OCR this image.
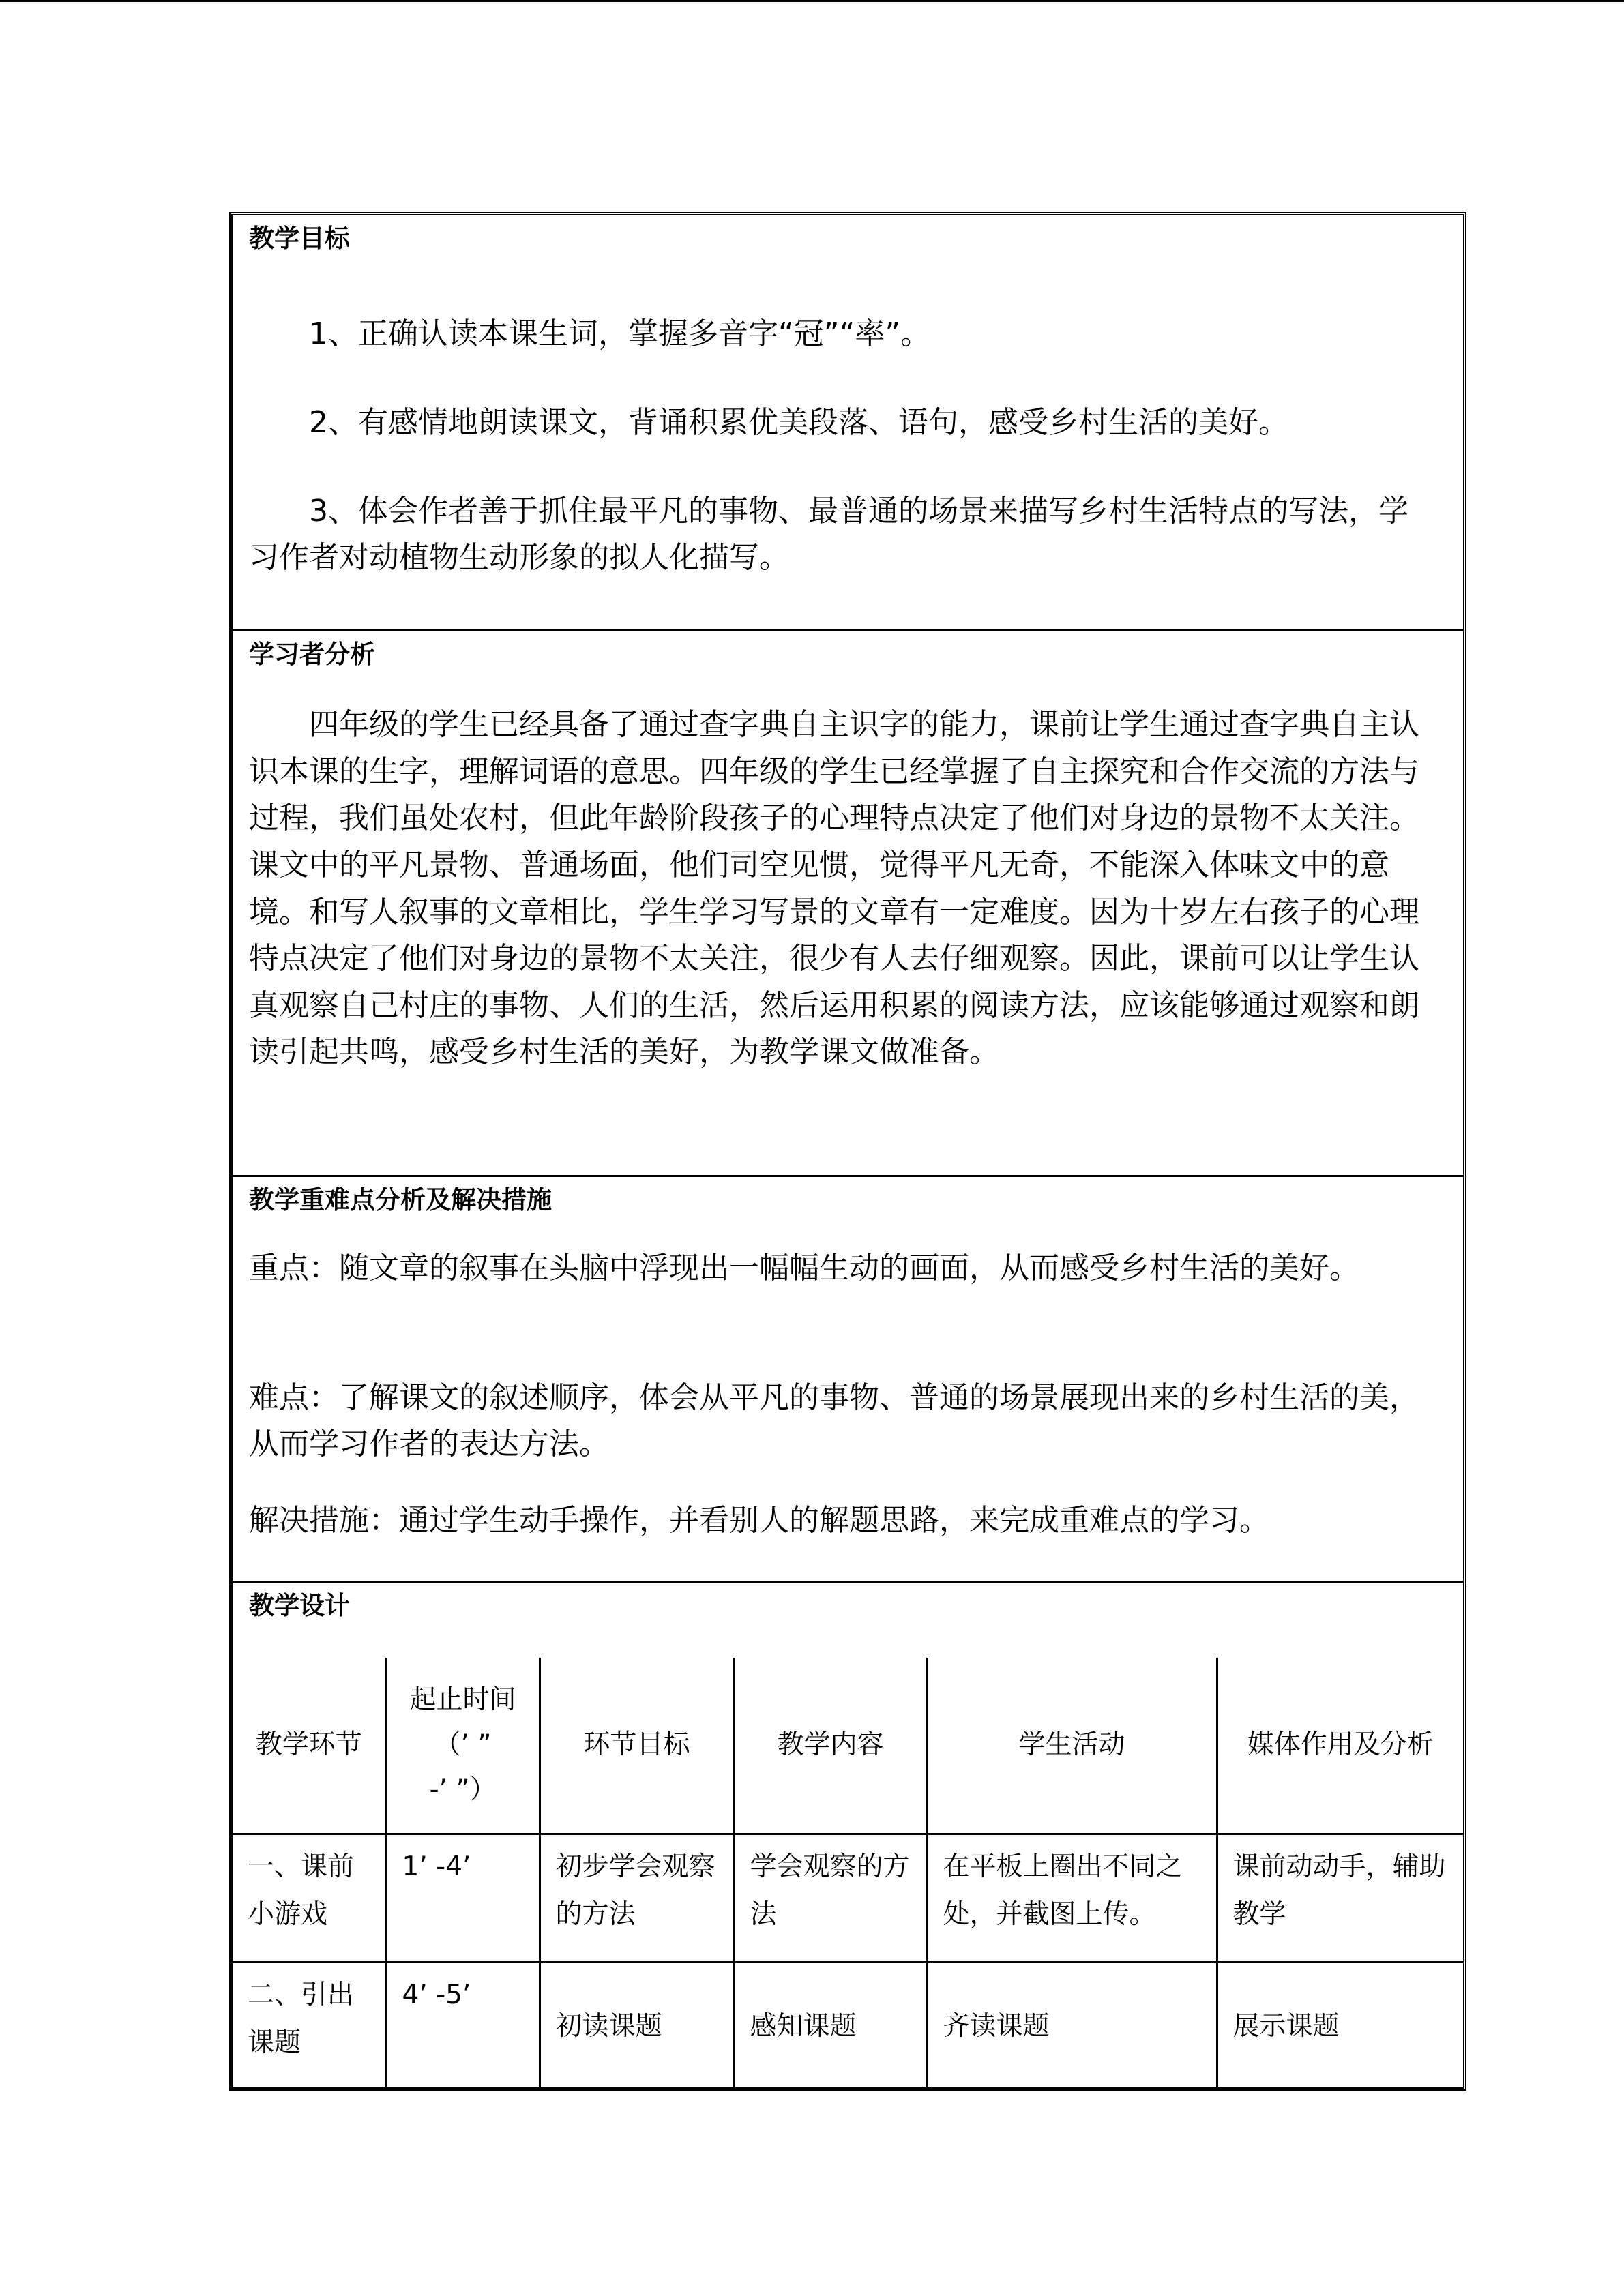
教学目标

1、正确认读本课生词，掌握多音字“冠”“率”。

2、有感情地朗读课文，背诵积累优美段落、语句，感受乡村生活的美好。

3、体会作者善于抓住最平凡的事物、最普通的场景来描写乡村生活特点的写法，学习作者对动植物生动形象的拟人化描写。

学习者分析

四年级的学生已经具备了通过查字典自主识字的能力，课前让学生通过查字典自主认识本课的生字，理解词语的意思。四年级的学生已经掌握了自主探究和合作交流的方法与过程，我们虽处农村，但此年龄阶段孩子的心理特点决定了他们对身边的景物不太关注。课文中的平凡景物、普通场面，他们司空见惯，觉得平凡无奇，不能深入体味文中的意境。和写人叙事的文章相比，学生学习写景的文章有一定难度。因为十岁左右孩子的心理特点决定了他们对身边的景物不太关注，很少有人去仔细观察。因此，课前可以让学生认真观察自己村庄的事物、人们的生活，然后运用积累的阅读方法，应该能够通过观察和朗读引起共鸣，感受乡村生活的美好，为教学课文做准备。

教学重难点分析及解决措施

重点：随文章的叙事在头脑中浮现出一幅幅生动的画面，从而感受乡村生活的美好。

难点：了解课文的叙述顺序，体会从平凡的事物、普通的场景展现出来的乡村生活的美，从而学习作者的表达方法。

解决措施：通过学生动手操作，并看别人的解题思路，来完成重难点的学习。

教学设计
教学环节	起止时间
（’ ”
-’ ”）	环节目标	教学内容	学生活动	媒体作用及分析
一、课前小游戏	1’ -4’	初步学会观察的方法	学会观察的方法	在平板上圈出不同之处，并截图上传。	课前动动手，辅助教学
二、引出课题	4’ -5’	初读课题	感知课题	齐读课题	展示课题
